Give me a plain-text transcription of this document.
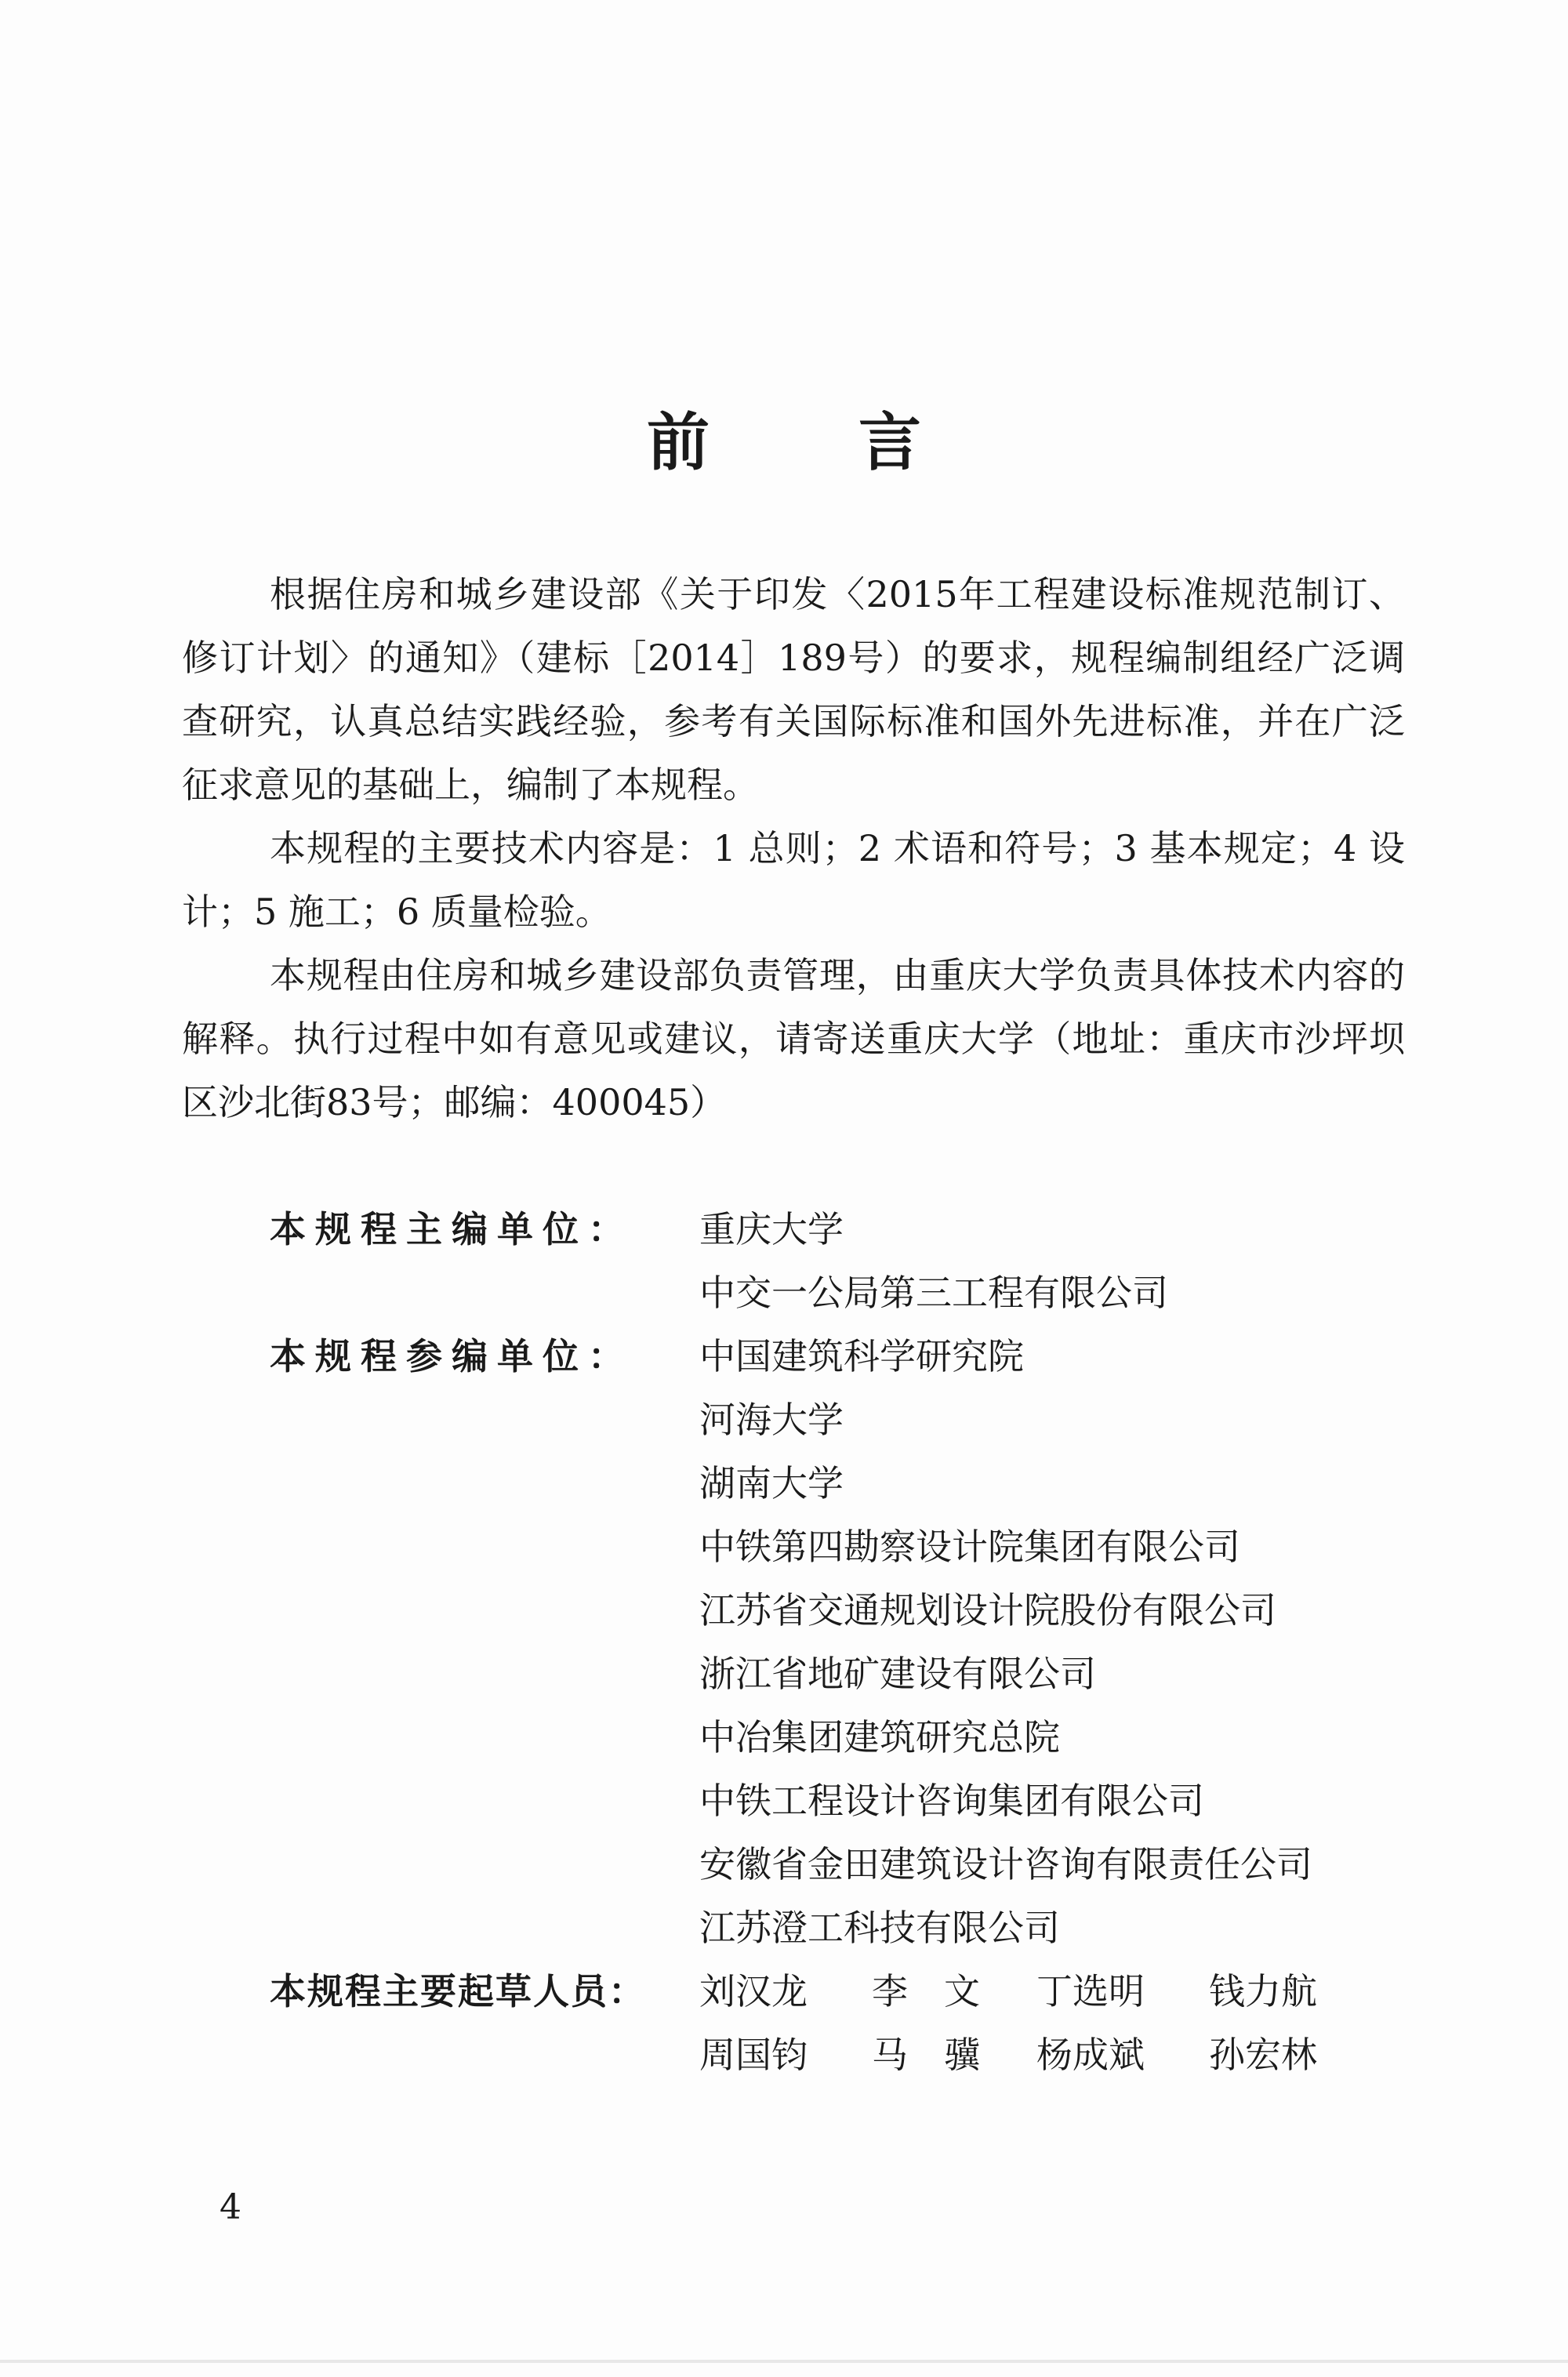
前 言

根据住房和城乡建设部《关于印发〈2015年工程建设标准规范制订、修订计划〉的通知》（建标［2014］189号）的要求，规程编制组经广泛调查研究，认真总结实践经验，参考有关国际标准和国外先进标准，并在广泛征求意见的基础上，编制了本规程。

本规程的主要技术内容是：1 总则；2 术语和符号；3 基本规定；4 设计；5 施工；6 质量检验。

本规程由住房和城乡建设部负责管理，由重庆大学负责具体技术内容的解释。执行过程中如有意见或建议，请寄送重庆大学（地址：重庆市沙坪坝区沙北街83号；邮编：400045）

本规程主编单位：	重庆大学
中交一公局第三工程有限公司
本规程参编单位：	中国建筑科学研究院
河海大学
湖南大学
中铁第四勘察设计院集团有限公司
江苏省交通规划设计院股份有限公司
浙江省地矿建设有限公司
中冶集团建筑研究总院
中铁工程设计咨询集团有限公司
安徽省金田建筑设计咨询有限责任公司
江苏澄工科技有限公司
本规程主要起草人员：	刘汉龙	李　文	丁选明	钱力航
周国钧	马　骥	杨成斌	孙宏林
4
